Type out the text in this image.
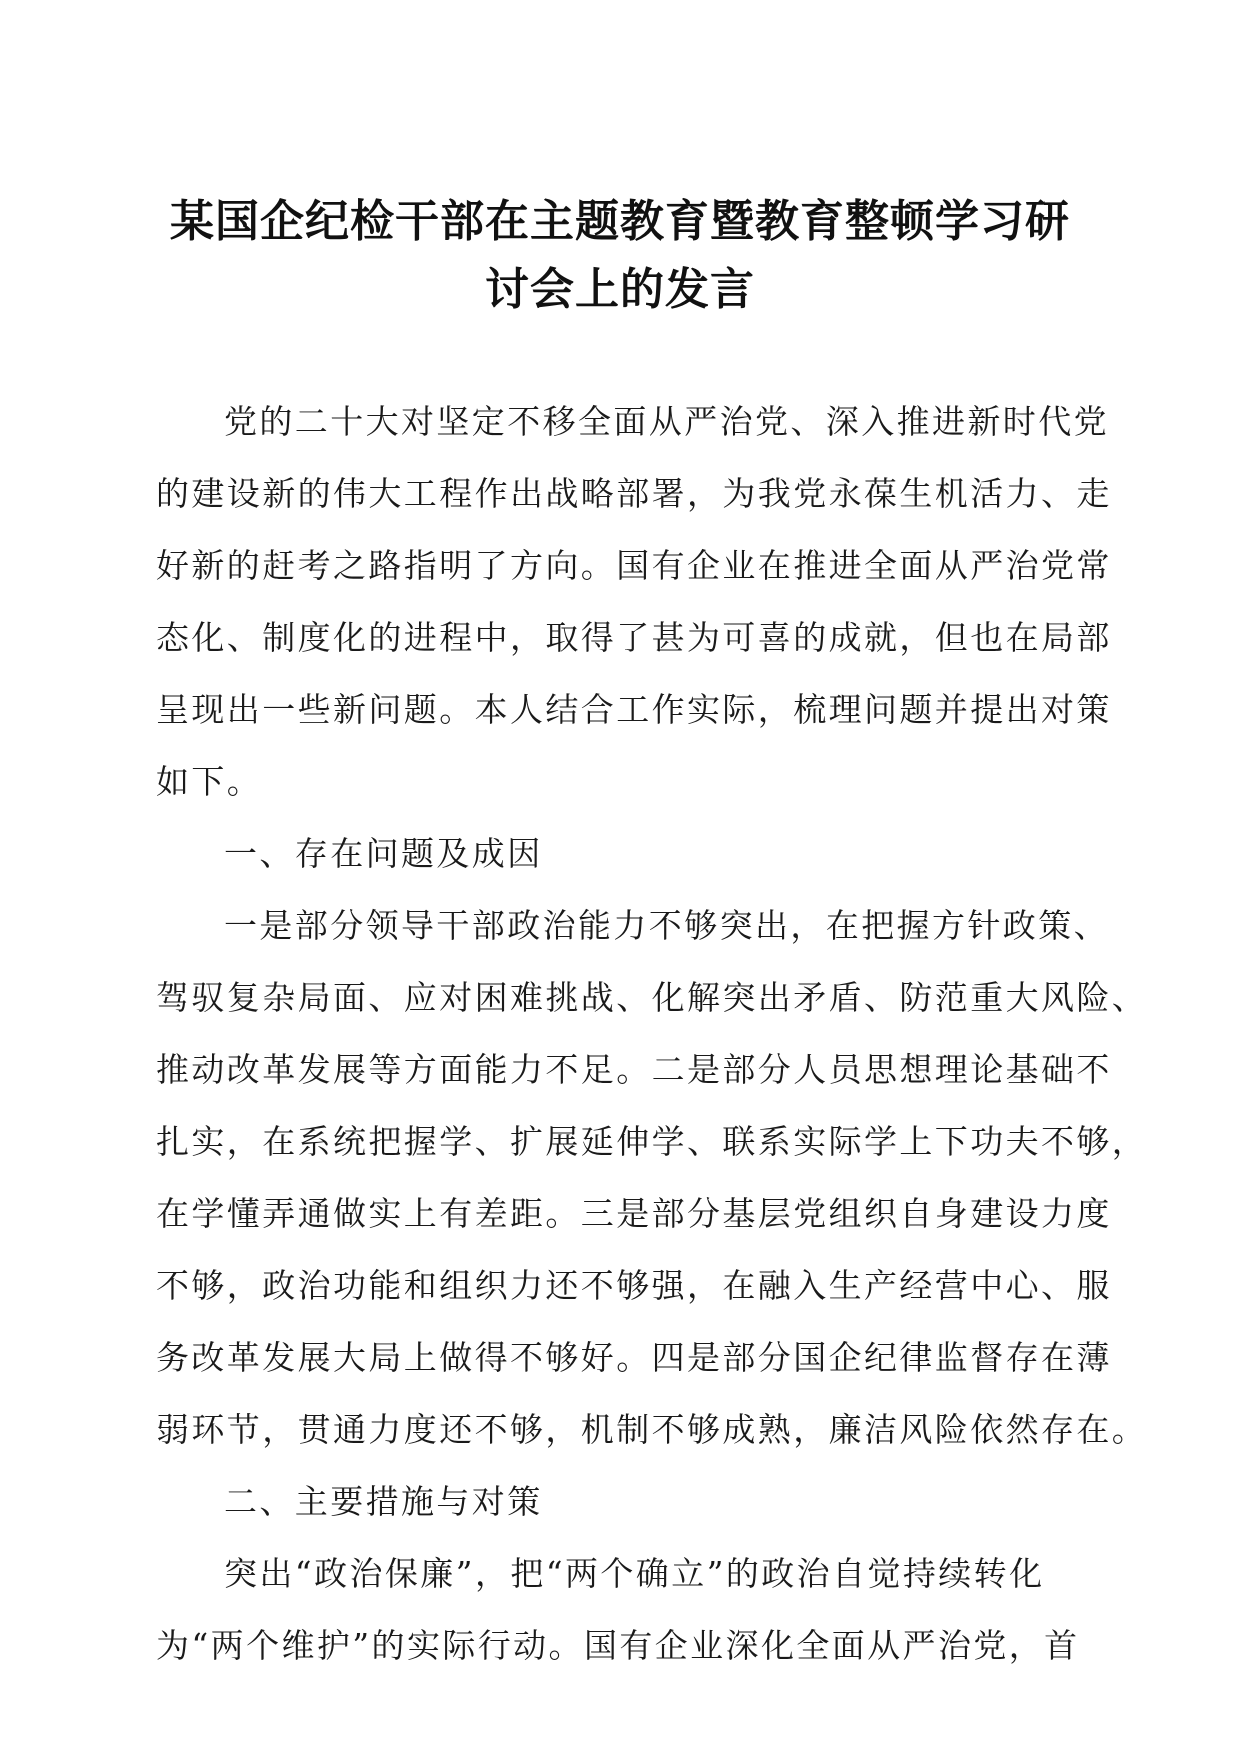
某国企纪检干部在主题教育暨教育整顿学习研
讨会上的发言
党的二十大对坚定不移全面从严治党、深入推进新时代党
的建设新的伟大工程作出战略部署，为我党永葆生机活力、走
好新的赶考之路指明了方向。国有企业在推进全面从严治党常
态化、制度化的进程中，取得了甚为可喜的成就，但也在局部
呈现出一些新问题。本人结合工作实际，梳理问题并提出对策
如下。
一、存在问题及成因
一是部分领导干部政治能力不够突出，在把握方针政策、
驾驭复杂局面、应对困难挑战、化解突出矛盾、防范重大风险、
推动改革发展等方面能力不足。二是部分人员思想理论基础不
扎实，在系统把握学、扩展延伸学、联系实际学上下功夫不够，
在学懂弄通做实上有差距。三是部分基层党组织自身建设力度
不够，政治功能和组织力还不够强，在融入生产经营中心、服
务改革发展大局上做得不够好。四是部分国企纪律监督存在薄
弱环节，贯通力度还不够，机制不够成熟，廉洁风险依然存在。
二、主要措施与对策
突出“政治保廉”，把“两个确立”的政治自觉持续转化
为“两个维护”的实际行动。国有企业深化全面从严治党，首
